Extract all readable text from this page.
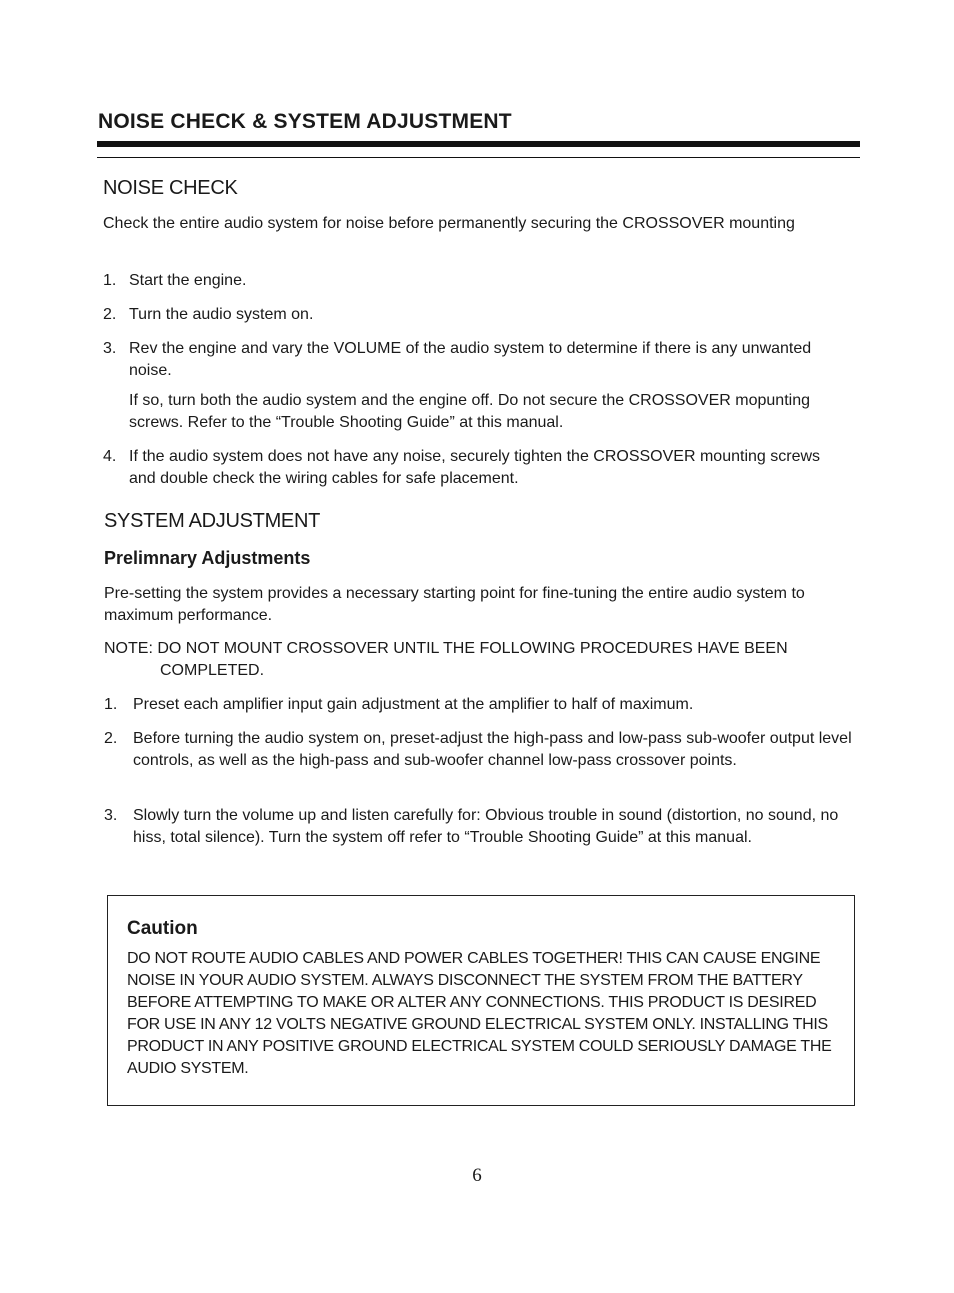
NOISE CHECK & SYSTEM ADJUSTMENT
NOISE CHECK

Check the entire audio system for noise before permanently securing the CROSSOVER mounting

1. Start the engine.
2. Turn the audio system on.
3. Rev the engine and vary the VOLUME of the audio system to determine if there is any unwanted noise.
If so, turn both the audio system and the engine off. Do not secure the CROSSOVER mopunting screws. Refer to the “Trouble Shooting Guide” at this manual.
4. If the audio system does not have any noise, securely tighten the CROSSOVER mounting screws and double check the wiring cables for safe placement.
SYSTEM ADJUSTMENT
Prelimnary Adjustments

Pre-setting the system provides a necessary starting point for fine-tuning the entire audio system to maximum performance.

NOTE: DO NOT MOUNT CROSSOVER UNTIL THE FOLLOWING PROCEDURES HAVE BEEN COMPLETED.

1. Preset each amplifier input gain adjustment at the amplifier to half of maximum.
2. Before turning the audio system on, preset-adjust the high-pass and low-pass sub-woofer output level controls, as well as the high-pass and sub-woofer channel low-pass crossover points.
3. Slowly turn the volume up and listen carefully for: Obvious trouble in sound (distortion, no sound, no hiss, total silence). Turn the system off refer to “Trouble Shooting Guide” at this manual.
Caution

DO NOT ROUTE AUDIO CABLES AND POWER CABLES TOGETHER! THIS CAN CAUSE ENGINE NOISE IN YOUR AUDIO SYSTEM. ALWAYS DISCONNECT THE SYSTEM FROM THE BATTERY BEFORE ATTEMPTING TO MAKE OR ALTER ANY CONNECTIONS. THIS PRODUCT IS DESIRED FOR USE IN ANY 12 VOLTS NEGATIVE GROUND ELECTRICAL SYSTEM ONLY. INSTALLING THIS PRODUCT IN ANY POSITIVE GROUND ELECTRICAL SYSTEM COULD SERIOUSLY DAMAGE THE AUDIO SYSTEM.

6
